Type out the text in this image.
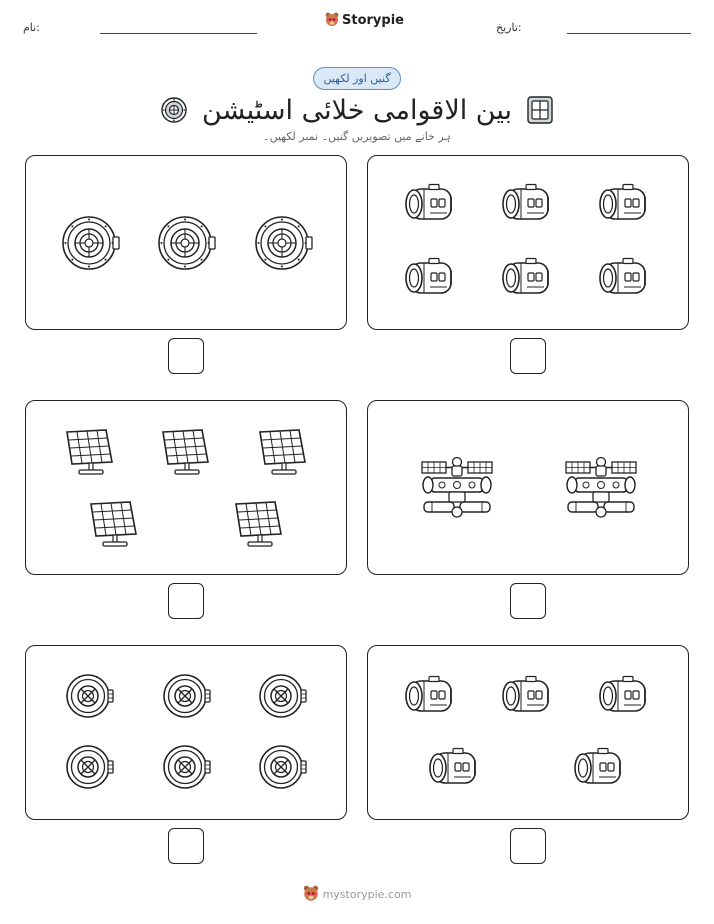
نام:	Storypie	تاریخ:
گنیں اور لکھیں
بین الاقوامی خلائی اسٹیشن
ہر خانے میں تصویریں گنیں۔ نمبر لکھیں۔
mystorypie.com
